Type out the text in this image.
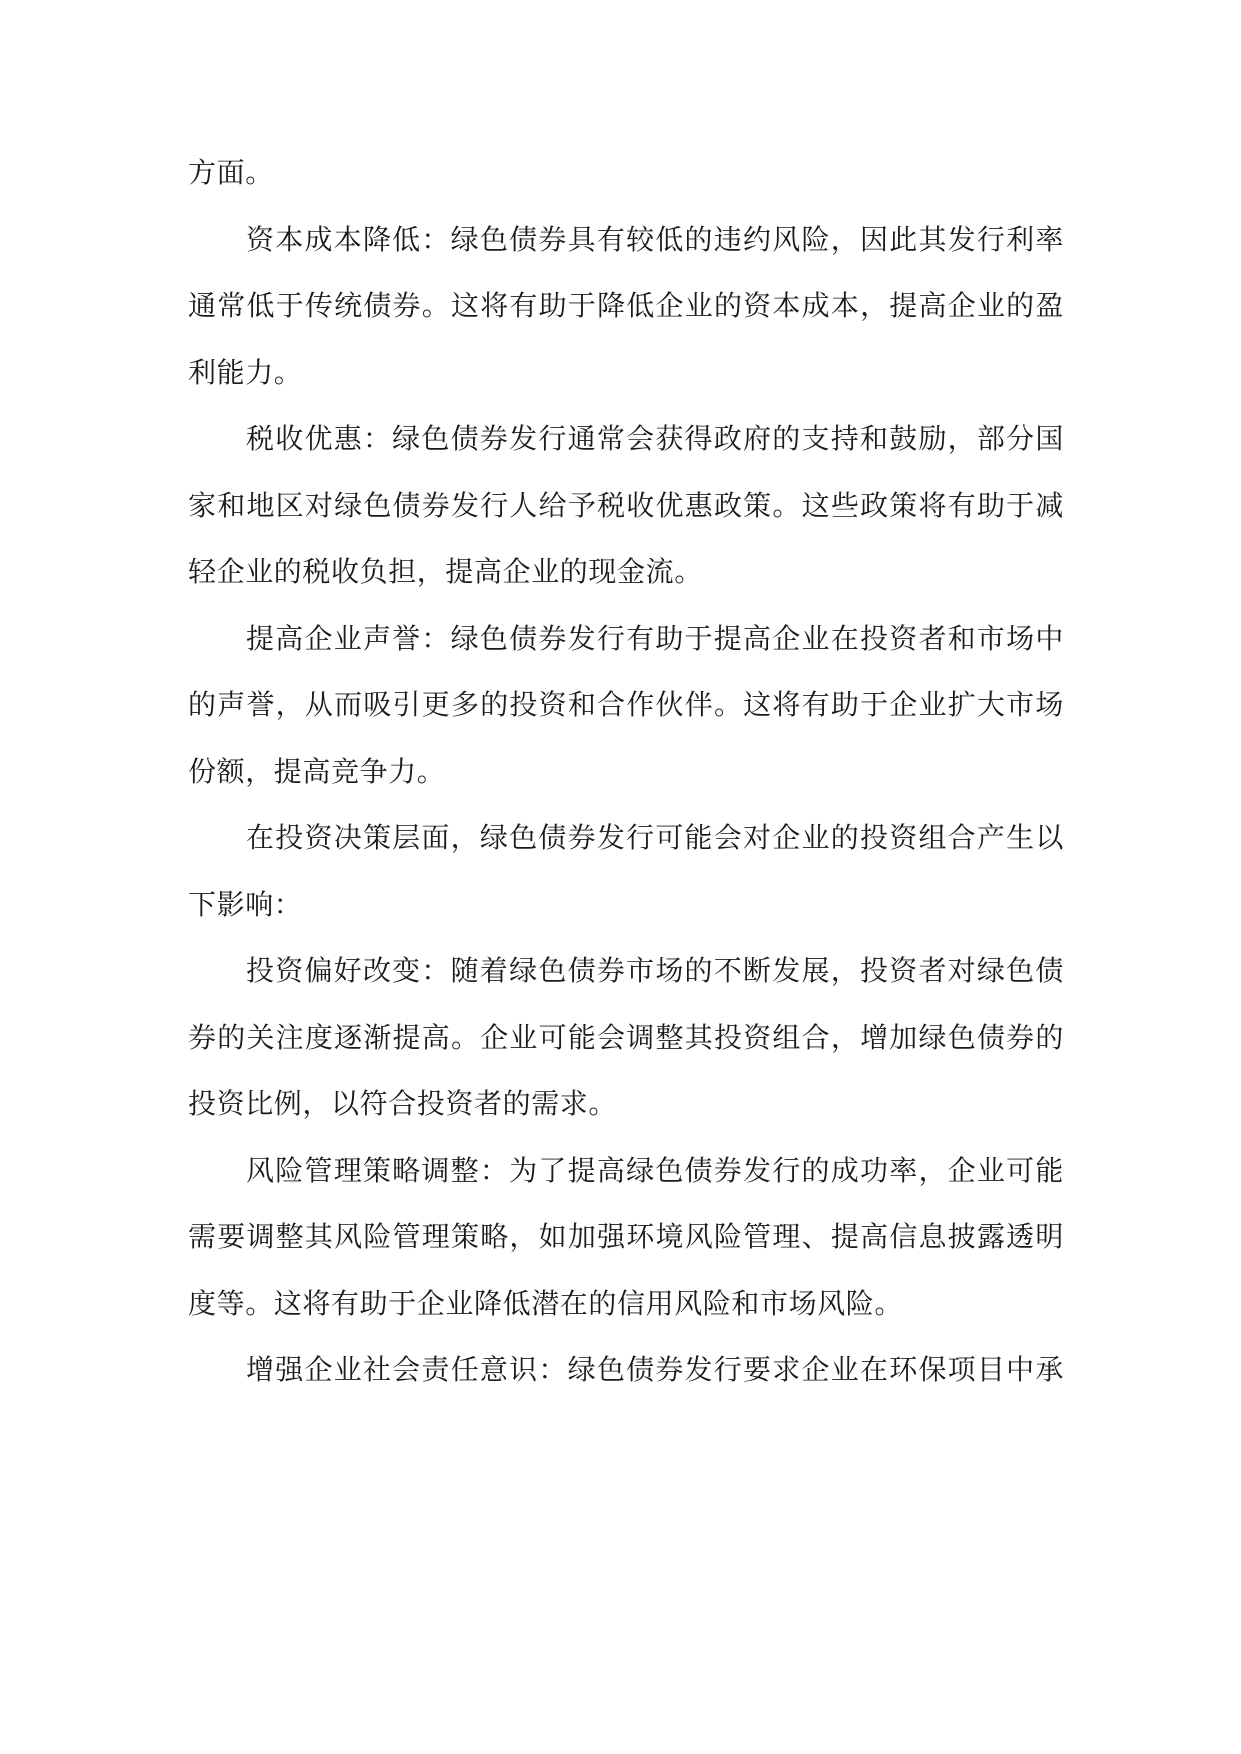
方面。
资本成本降低：绿色债券具有较低的违约风险，因此其发行利率
通常低于传统债券。这将有助于降低企业的资本成本，提高企业的盈
利能力。
税收优惠：绿色债券发行通常会获得政府的支持和鼓励，部分国
家和地区对绿色债券发行人给予税收优惠政策。这些政策将有助于减
轻企业的税收负担，提高企业的现金流。
提高企业声誉：绿色债券发行有助于提高企业在投资者和市场中
的声誉，从而吸引更多的投资和合作伙伴。这将有助于企业扩大市场
份额，提高竞争力。
在投资决策层面，绿色债券发行可能会对企业的投资组合产生以
下影响：
投资偏好改变：随着绿色债券市场的不断发展，投资者对绿色债
券的关注度逐渐提高。企业可能会调整其投资组合，增加绿色债券的
投资比例，以符合投资者的需求。
风险管理策略调整：为了提高绿色债券发行的成功率，企业可能
需要调整其风险管理策略，如加强环境风险管理、提高信息披露透明
度等。这将有助于企业降低潜在的信用风险和市场风险。
增强企业社会责任意识：绿色债券发行要求企业在环保项目中承
